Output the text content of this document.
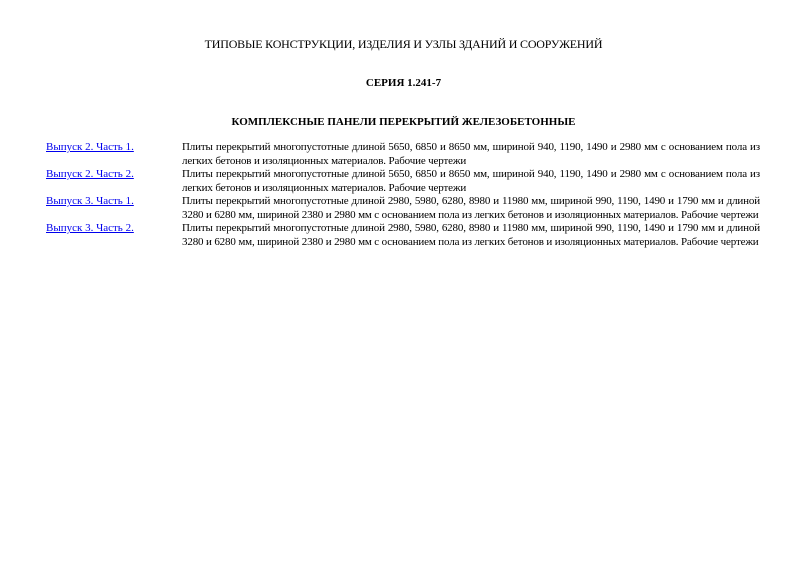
ТИПОВЫЕ КОНСТРУКЦИИ, ИЗДЕЛИЯ И УЗЛЫ ЗДАНИЙ И СООРУЖЕНИЙ
СЕРИЯ 1.241-7
КОМПЛЕКСНЫЕ ПАНЕЛИ ПЕРЕКРЫТИЙ ЖЕЛЕЗОБЕТОННЫЕ
Выпуск 2. Часть 1.	Плиты перекрытий многопустотные длиной 5650, 6850 и 8650 мм, шириной 940, 1190, 1490 и 2980 мм с основанием пола из легких бетонов и изоляционных материалов. Рабочие чертежи
Выпуск 2. Часть 2.	Плиты перекрытий многопустотные длиной 5650, 6850 и 8650 мм, шириной 940, 1190, 1490 и 2980 мм с основанием пола из легких бетонов и изоляционных материалов. Рабочие чертежи
Выпуск 3. Часть 1.	Плиты перекрытий многопустотные длиной 2980, 5980, 6280, 8980 и 11980 мм, шириной 990, 1190, 1490 и 1790 мм и длиной 3280 и 6280 мм, шириной 2380 и 2980 мм с основанием пола из легких бетонов и изоляционных материалов. Рабочие чертежи
Выпуск 3. Часть 2.	Плиты перекрытий многопустотные длиной 2980, 5980, 6280, 8980 и 11980 мм, шириной 990, 1190, 1490 и 1790 мм и длиной 3280 и 6280 мм, шириной 2380 и 2980 мм с основанием пола из легких бетонов и изоляционных материалов. Рабочие чертежи
